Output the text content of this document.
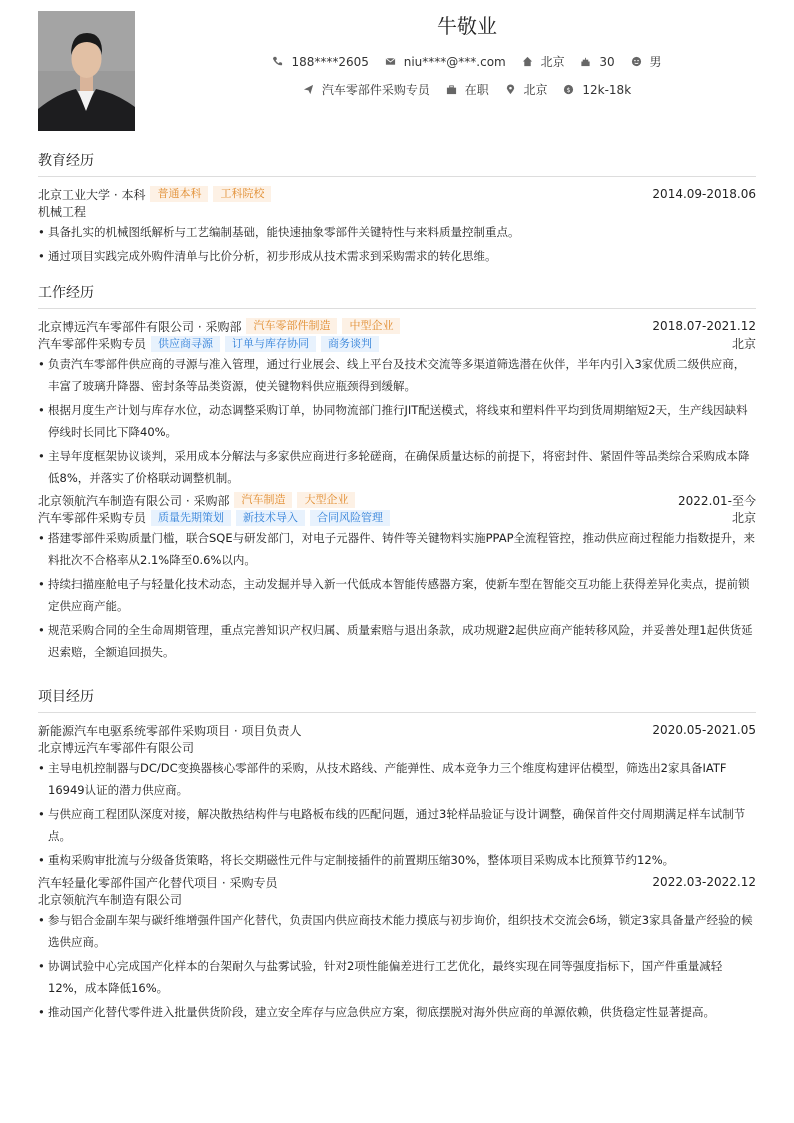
牛敬业
188****2605
	niu****@***.com
	北京
	30
	男
汽车零部件采购专员
	在职
	北京
	$ 12k-18k
教育经历
北京工业大学 · 本科	普通本科	工科院校	2014.09-2018.06
机械工程
• 具备扎实的机械图纸解析与工艺编制基础，能快速抽象零部件关键特性与来料质量控制重点。
• 通过项目实践完成外购件清单与比价分析，初步形成从技术需求到采购需求的转化思维。
工作经历
北京博远汽车零部件有限公司 · 采购部	汽车零部件制造	中型企业	2018.07-2021.12
汽车零部件采购专员	供应商寻源	订单与库存协同	商务谈判	北京
• 负责汽车零部件供应商的寻源与准入管理，通过行业展会、线上平台及技术交流等多渠道筛选潜在伙伴，半年内引入3家优质二级供应商，丰富了玻璃升降器、密封条等品类资源，使关键物料供应瓶颈得到缓解。
• 根据月度生产计划与库存水位，动态调整采购订单，协同物流部门推行JIT配送模式，将线束和塑料件平均到货周期缩短2天，生产线因缺料停线时长同比下降40%。
• 主导年度框架协议谈判，采用成本分解法与多家供应商进行多轮磋商，在确保质量达标的前提下，将密封件、紧固件等品类综合采购成本降低8%，并落实了价格联动调整机制。
北京领航汽车制造有限公司 · 采购部	汽车制造	大型企业	2022.01-至今
汽车零部件采购专员	质量先期策划	新技术导入	合同风险管理	北京
• 搭建零部件采购质量门槛，联合SQE与研发部门，对电子元器件、铸件等关键物料实施PPAP全流程管控，推动供应商过程能力指数提升，来料批次不合格率从2.1%降至0.6%以内。
• 持续扫描座舱电子与轻量化技术动态，主动发掘并导入新一代低成本智能传感器方案，使新车型在智能交互功能上获得差异化卖点，提前锁定供应商产能。
• 规范采购合同的全生命周期管理，重点完善知识产权归属、质量索赔与退出条款，成功规避2起供应商产能转移风险，并妥善处理1起供货延迟索赔，全额追回损失。
项目经历
新能源汽车电驱系统零部件采购项目 · 项目负责人	2020.05-2021.05
北京博远汽车零部件有限公司
• 主导电机控制器与DC/DC变换器核心零部件的采购，从技术路线、产能弹性、成本竞争力三个维度构建评估模型，筛选出2家具备IATF 16949认证的潜力供应商。
• 与供应商工程团队深度对接，解决散热结构件与电路板布线的匹配问题，通过3轮样品验证与设计调整，确保首件交付周期满足样车试制节点。
• 重构采购审批流与分级备货策略，将长交期磁性元件与定制接插件的前置期压缩30%，整体项目采购成本比预算节约12%。
汽车轻量化零部件国产化替代项目 · 采购专员	2022.03-2022.12
北京领航汽车制造有限公司
• 参与铝合金副车架与碳纤维增强件国产化替代，负责国内供应商技术能力摸底与初步询价，组织技术交流会6场，锁定3家具备量产经验的候选供应商。
• 协调试验中心完成国产化样本的台架耐久与盐雾试验，针对2项性能偏差进行工艺优化，最终实现在同等强度指标下，国产件重量减轻12%，成本降低16%。
• 推动国产化替代零件进入批量供货阶段，建立安全库存与应急供应方案，彻底摆脱对海外供应商的单源依赖，供货稳定性显著提高。
